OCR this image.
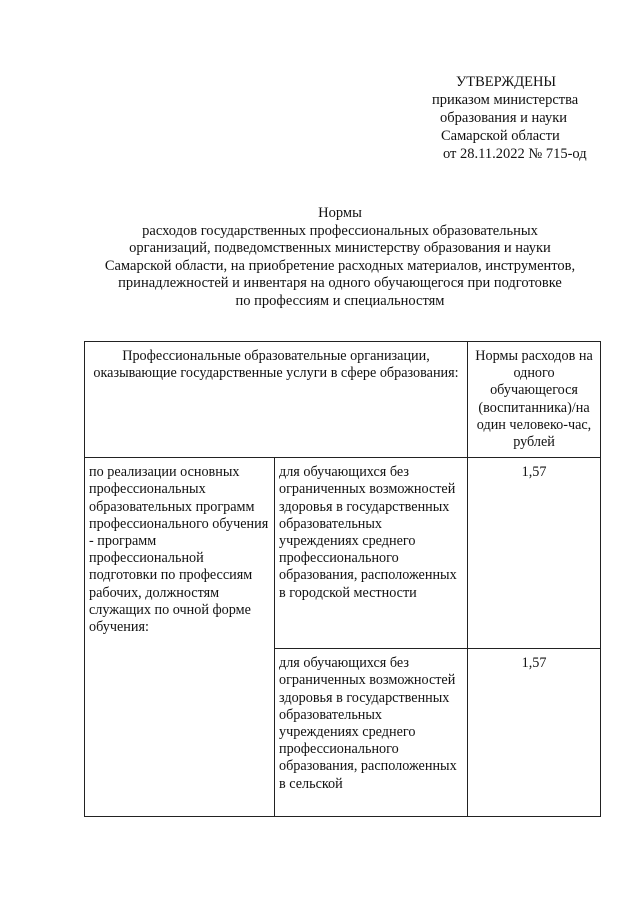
УТВЕРЖДЕНЫ
приказом министерства
образования и науки
Самарской области
от 28.11.2022 № 715-од
Нормы
расходов государственных профессиональных образовательных
организаций, подведомственных министерству образования и науки
Самарской области, на приобретение расходных материалов, инструментов,
принадлежностей и инвентаря на одного обучающегося при подготовке
по профессиям и специальностям
Профессиональные образовательные организации, оказывающие государственные услуги в сфере образования:		Нормы расходов на одного обучающегося (воспитанника)/на один человеко-час, рублей
по реализации основных профессиональных образовательных программ профессионального обучения - программ профессиональной подготовки по профессиям рабочих, должностям служащих по очной форме обучения:	для обучающихся без ограниченных возможностей здоровья в государственных образовательных учреждениях среднего профессионального образования, расположенных в городской местности	1,57
	для обучающихся без ограниченных возможностей здоровья в государственных образовательных учреждениях среднего профессионального образования, расположенных в сельской	1,57
